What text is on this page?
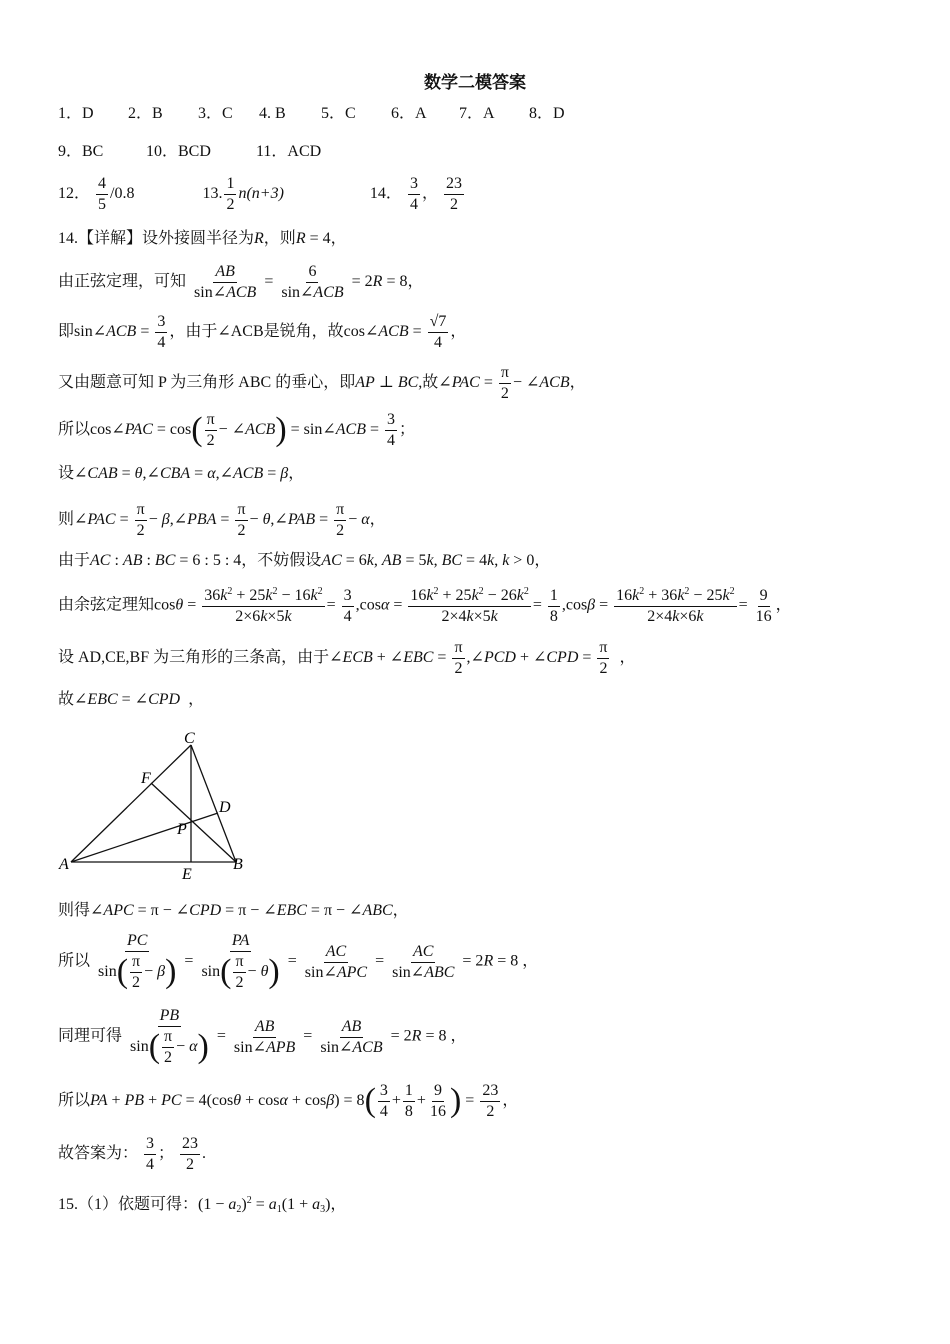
数学二模答案
1．D 2．B 3．C 4. B 5．C 6．A 7．A 8．D
9．BC	10．BCD	11．ACD
12． $\frac{4}{5} /0.8$	13. $\frac{1}{2} n(n+3)$	14． $\frac{3}{4}$ ， $\frac{23}{2}$
14.【详解】设外接圆半径为R，则R = 4，
由正弦定理，可知 $\frac{AB}{\text{sin∠ACB}} = \frac{6}{\text{sin∠ACB}} = 2R = 8$，
即sin∠ACB = $\frac{3}{4}$ ，由于∠ACB是锐角，故cos∠ACB = $\frac{√7}{4}$ ，
又由题意可知 P 为三角形 ABC 的垂心，即AP ⊥ BC,故∠PAC = $\frac{\pi}{2}$ − ∠ACB，
所以cos∠PAC = $\cos( \frac{\pi}{2}$ − ∠ACB) = sin∠ACB = $\frac{3}{4}$ ；
设∠CAB = θ,∠CBA = α,∠ACB = β，
则∠PAC = $\frac{\pi}{2}$ − β,∠PBA = $\frac{\pi}{2}$ − θ,∠PAB = $\frac{\pi}{2} - \alpha$，
由于AC : AB : BC = 6 : 5 : 4，不妨假设AC = 6k, AB = 5k, BC = 4k, k > 0，
由余弦定理知$\cos\theta = \frac{36k^2 + 25k^2 - 16k^2}{2\times 6k\times 5k} = \frac{3}{4} ,\cos\alpha = \frac{16k^2 + 25k^2 - 26k^2}{2\times 4k\times 5k} = \frac{1}{8} ,\cos\beta = \frac{16k^2 + 36k^2 - 25k^2}{2\times 4k\times 6k} = \frac{9}{16}$ ，
设 AD,CE,BF 为三角形的三条高，由于∠ECB + ∠EBC = $\frac{\pi}{2}$ ,∠PCD + ∠CPD = $\frac{\pi}{2}$ ，
故∠EBC = ∠CPD  ，
A	B
C
D
E
F
P
则得∠APC = π − ∠CPD = π − ∠EBC = π − ∠ABC，
所以 $\frac{PC}{\sin( \frac{\pi}{2} - \beta)} = \frac{PA}{\sin( \frac{\pi}{2} - \theta)} = \frac{AC}{\text{sin∠APC}} = \frac{AC}{\text{sin∠ABC}} = 2R = 8$ ，
同理可得 $\frac{PB}{\sin( \frac{\pi}{2} - \alpha)} = \frac{AB}{\text{sin∠APB}} = \frac{AB}{\text{sin∠ACB}} = 2R = 8$ ，
所以PA + PB + PC = $4(\cos\theta + \cos\alpha + \cos\beta) = 8( \frac{3}{4} + \frac{1}{8} + \frac{9}{16}$ ) = $\frac{23}{2}$ ，
故答案为： $\frac{3}{4}$ ； $\frac{23}{2}$ .
15.（1）依题可得：$(1 - a_2)^2 = a_1(1 + a_3)$，
